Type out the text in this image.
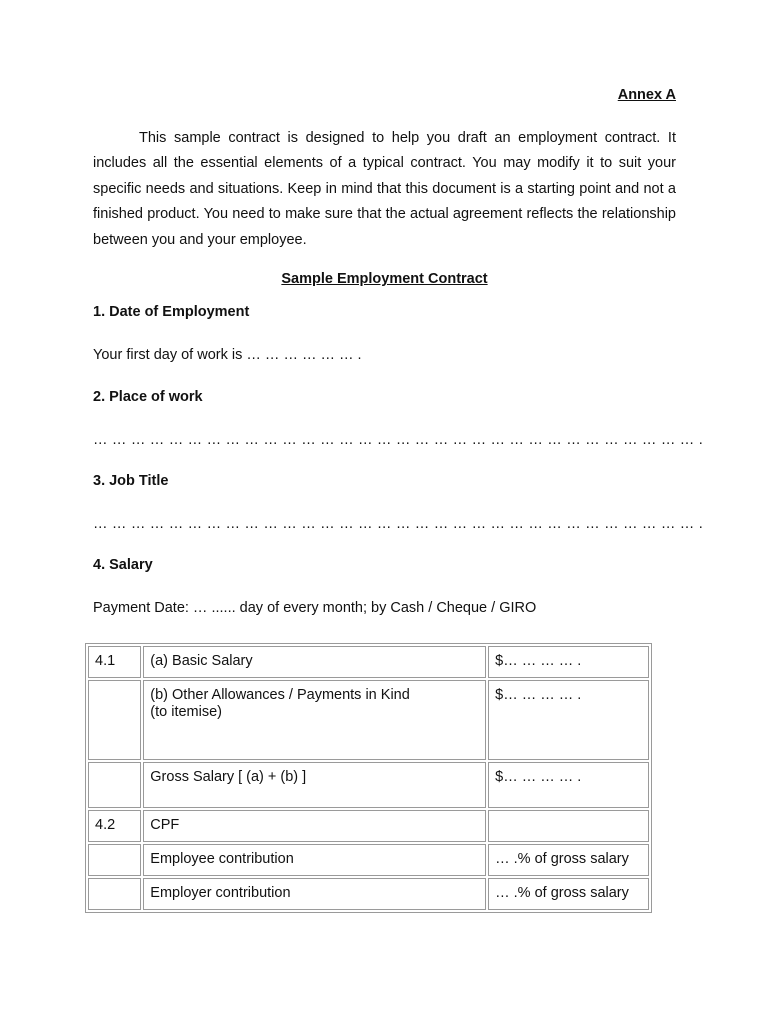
Annex A

This sample contract is designed to help you draft an employment contract. It includes all the essential elements of a typical contract. You may modify it to suit your specific needs and situations. Keep in mind that this document is a starting point and not a finished product. You need to make sure that the actual agreement reflects the relationship between you and your employee.

Sample Employment Contract
1. Date of Employment
Your first day of work is … … … … … … .
2. Place of work
… … … … … … … … … … … … … … … … … … … … … … … … … … … … … … … … .
3. Job Title
… … … … … … … … … … … … … … … … … … … … … … … … … … … … … … … … .
4. Salary
Payment Date: … ...... day of every month; by Cash / Cheque / GIRO
4.1	(a) Basic Salary	$… … … … .

	(b) Other Allowances / Payments in Kind
(to itemise)	$… … … … .
	Gross Salary [ (a) + (b) ]	$… … … … .
4.2	CPF	
	Employee contribution	… .% of gross salary
	Employer contribution	… .% of gross salary
